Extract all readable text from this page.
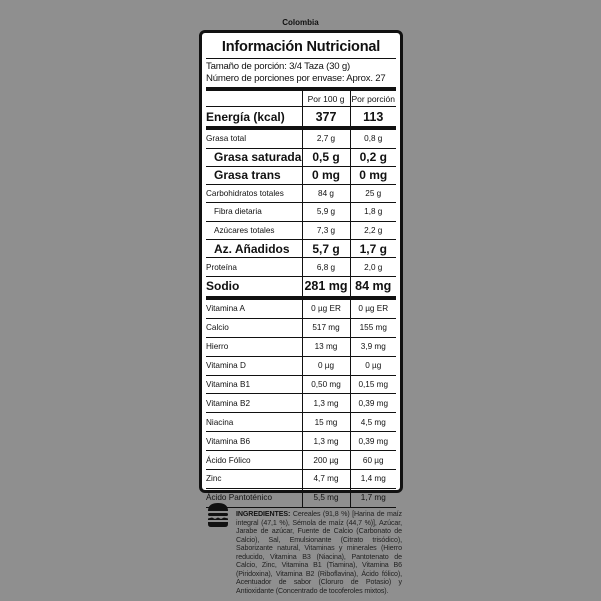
Colombia
Información Nutricional
Tamaño de porción: 3/4 Taza (30 g)
Número de porciones por envase: Aprox. 27
	Por 100 g	Por porción
Energía (kcal)	377	113
Grasa total	2,7 g	0,8 g
Grasa saturada	0,5 g	0,2 g
Grasa trans	0 mg	0 mg
Carbohidratos totales	84 g	25 g
Fibra dietaria	5,9 g	1,8 g
Azúcares totales	7,3 g	2,2 g
Az. Añadidos	5,7 g	1,7 g
Proteína	6,8 g	2,0 g
Sodio	281 mg	84 mg
Vitamina A	0 µg ER	0 µg ER
Calcio	517 mg	155 mg
Hierro	13 mg	3,9 mg
Vitamina D	0 µg	0 µg
Vitamina B1	0,50 mg	0,15 mg
Vitamina B2	1,3 mg	0,39 mg
Niacina	15 mg	4,5 mg
Vitamina B6	1,3 mg	0,39 mg
Ácido Fólico	200 µg	60 µg
Zinc	4,7 mg	1,4 mg
Ácido Pantoténico	5,5 mg	1,7 mg
INGREDIENTES: Cereales (91,8 %) [Harina de maíz integral (47,1 %), Sémola de maíz (44,7 %)], Azúcar, Jarabe de azúcar, Fuente de Calcio (Carbonato de Calcio), Sal, Emulsionante (Citrato trisódico), Saborizante natural, Vitaminas y minerales (Hierro reducido, Vitamina B3 (Niacina), Pantotenato de Calcio, Zinc, Vitamina B1 (Tiamina), Vitamina B6 (Piridoxina), Vitamina B2 (Riboflavina), Ácido fólico), Acentuador de sabor (Cloruro de Potasio) y Antioxidante (Concentrado de tocoferoles mixtos).
